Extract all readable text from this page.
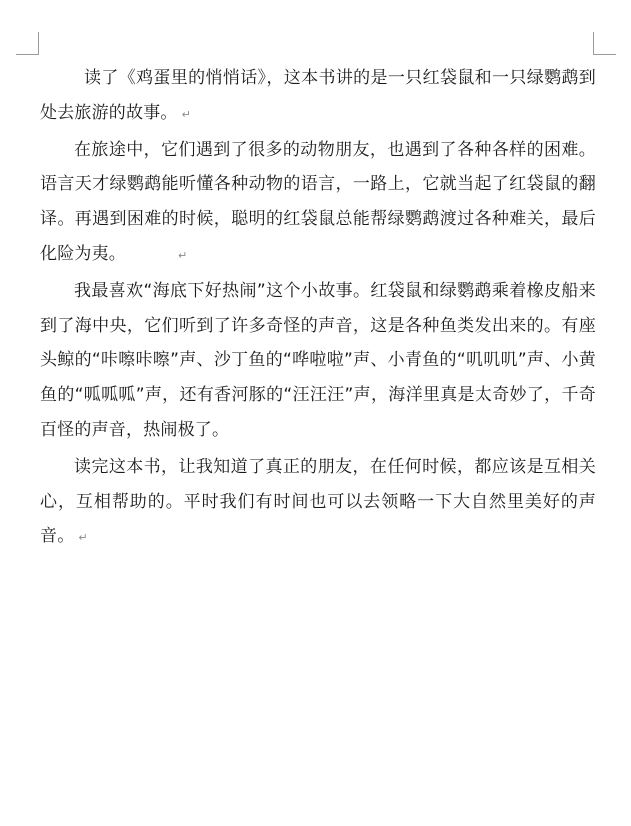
读了《鸡蛋里的悄悄话》，这本书讲的是一只红袋鼠和一只绿鹦鹉到处去旅游的故事。 ↵

在旅途中，它们遇到了很多的动物朋友，也遇到了各种各样的困难。语言天才绿鹦鹉能听懂各种动物的语言，一路上，它就当起了红袋鼠的翻译。再遇到困难的时候，聪明的红袋鼠总能帮绿鹦鹉渡过各种难关，最后化险为夷。	↵

我最喜欢“海底下好热闹”这个小故事。红袋鼠和绿鹦鹉乘着橡皮船来到了海中央，它们听到了许多奇怪的声音，这是各种鱼类发出来的。有座头鲸的“咔嚓咔嚓”声、沙丁鱼的“哗啦啦”声、小青鱼的“叽叽叽”声、小黄鱼的“呱呱呱”声，还有香河豚的“汪汪汪”声，海洋里真是太奇妙了，千奇百怪的声音，热闹极了。

读完这本书，让我知道了真正的朋友，在任何时候，都应该是互相关心，互相帮助的。平时我们有时间也可以去领略一下大自然里美好的声音。 ↵
